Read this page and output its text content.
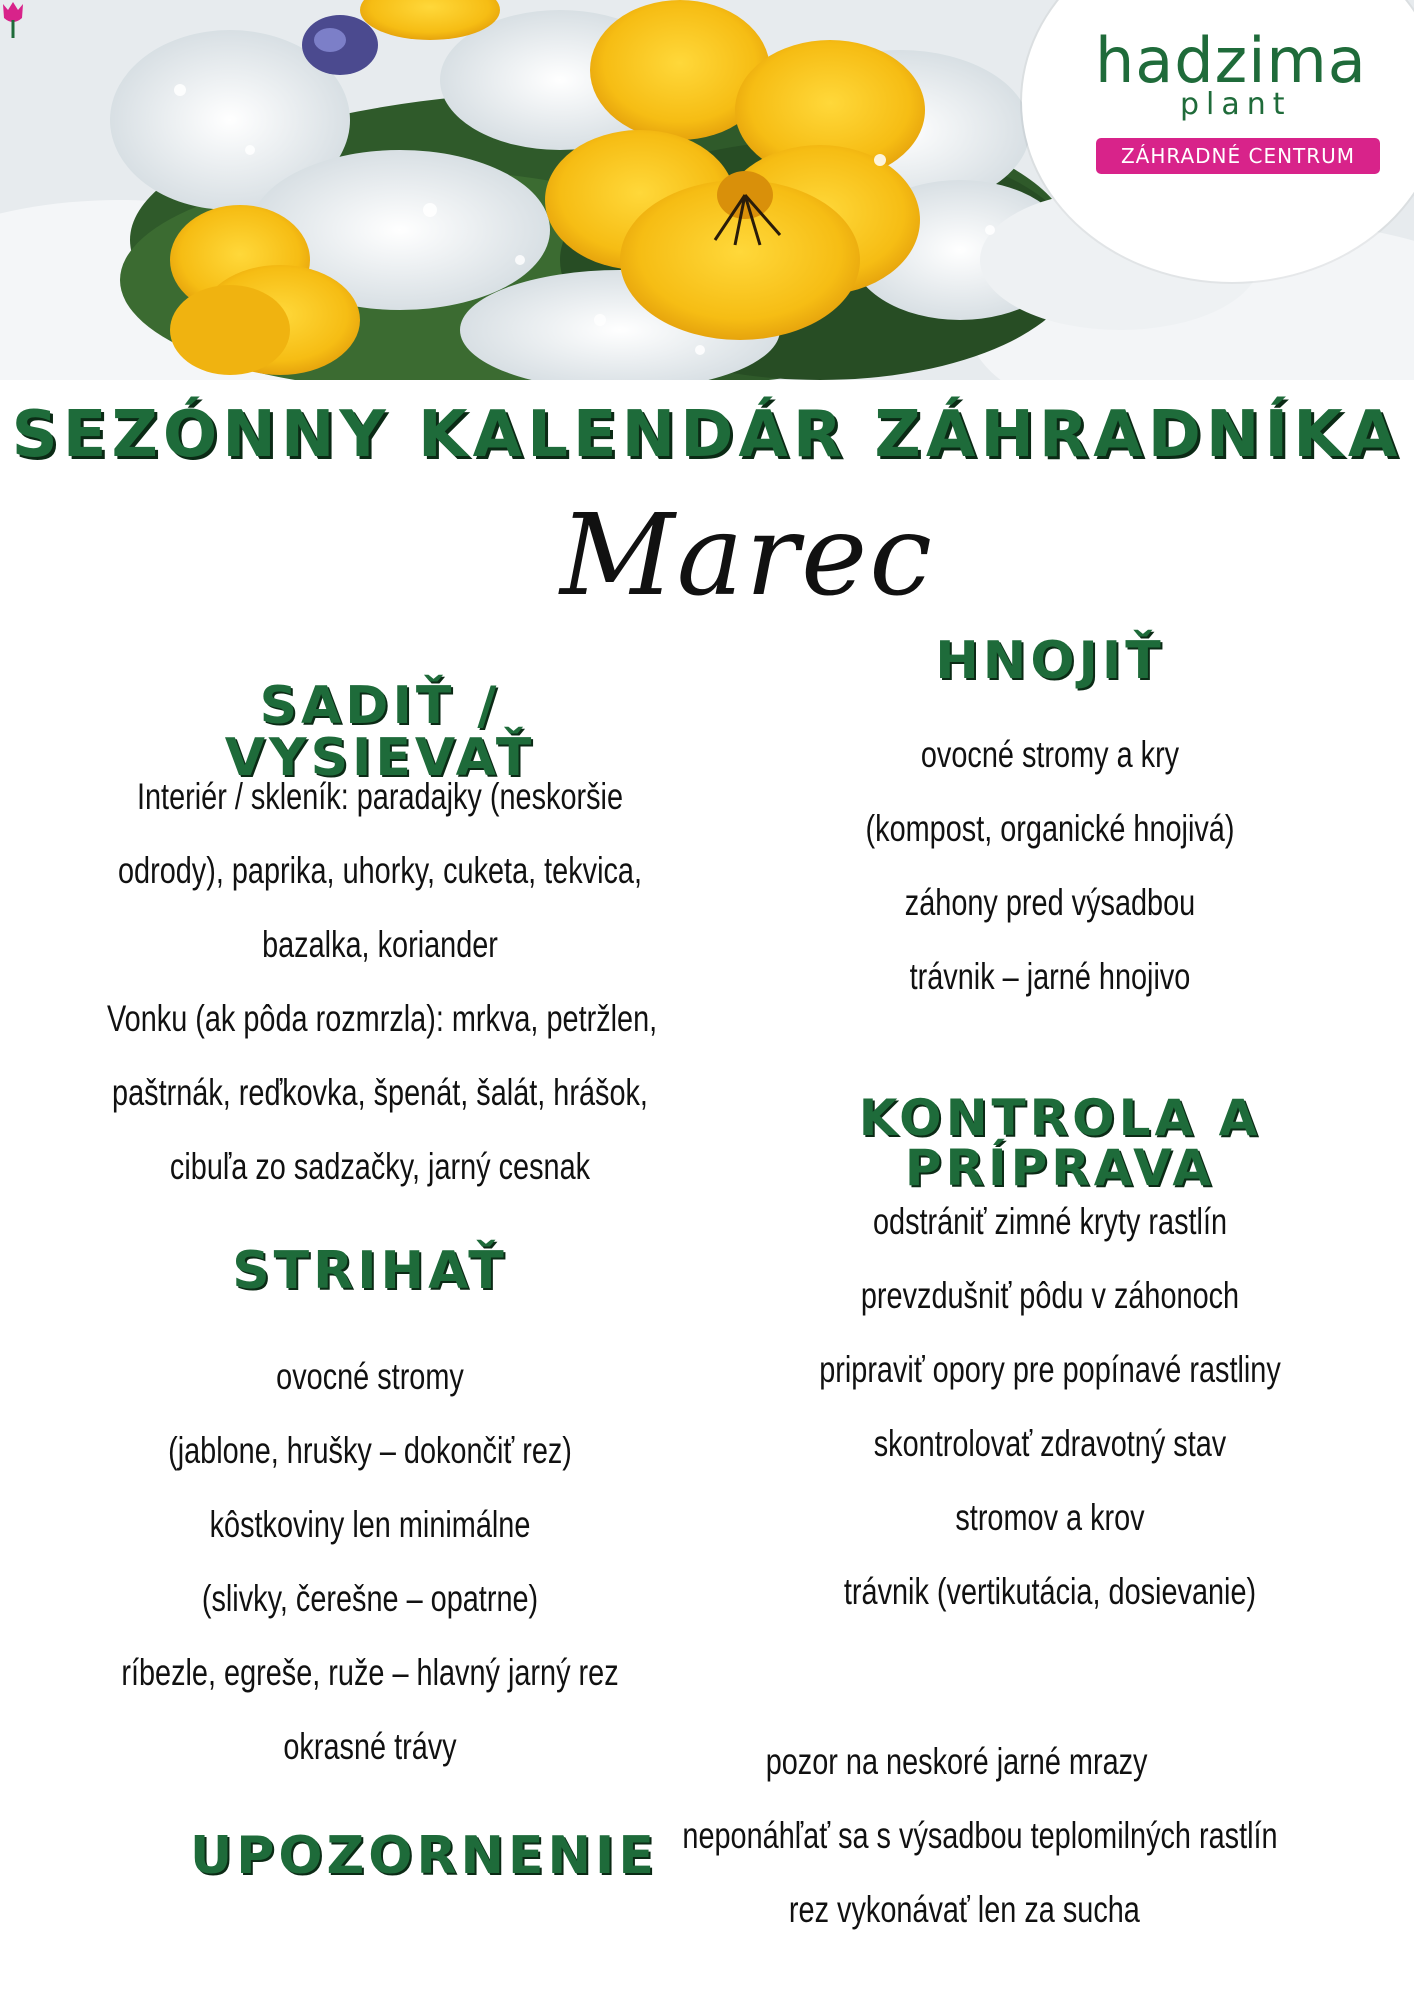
hadzima
plant
ZÁHRADNÉ CENTRUM
SEZÓNNY KALENDÁR ZÁHRADNÍKA
Marec
SADIŤ / VYSIEVAŤ
Interiér / skleník: paradajky (neskoršie
odrody), paprika, uhorky, cuketa, tekvica,
bazalka, koriander
Vonku (ak pôda rozmrzla): mrkva, petržlen,
paštrnák, reďkovka, špenát, šalát, hrášok,
cibuľa zo sadzačky, jarný cesnak
STRIHAŤ
ovocné stromy
(jablone, hrušky – dokončiť rez)
kôstkoviny len minimálne
(slivky, čerešne – opatrne)
ríbezle, egreše, ruže – hlavný jarný rez
okrasné trávy
HNOJIŤ
ovocné stromy a kry
(kompost, organické hnojivá)
záhony pred výsadbou
trávnik – jarné hnojivo
KONTROLA A PRÍPRAVA
odstrániť zimné kryty rastlín
prevzdušniť pôdu v záhonoch
pripraviť opory pre popínavé rastliny
skontrolovať zdravotný stav
stromov a krov
trávnik (vertikutácia, dosievanie)
UPOZORNENIE
pozor na neskoré jarné mrazy
neponáhľať sa s výsadbou teplomilných rastlín
rez vykonávať len za sucha
